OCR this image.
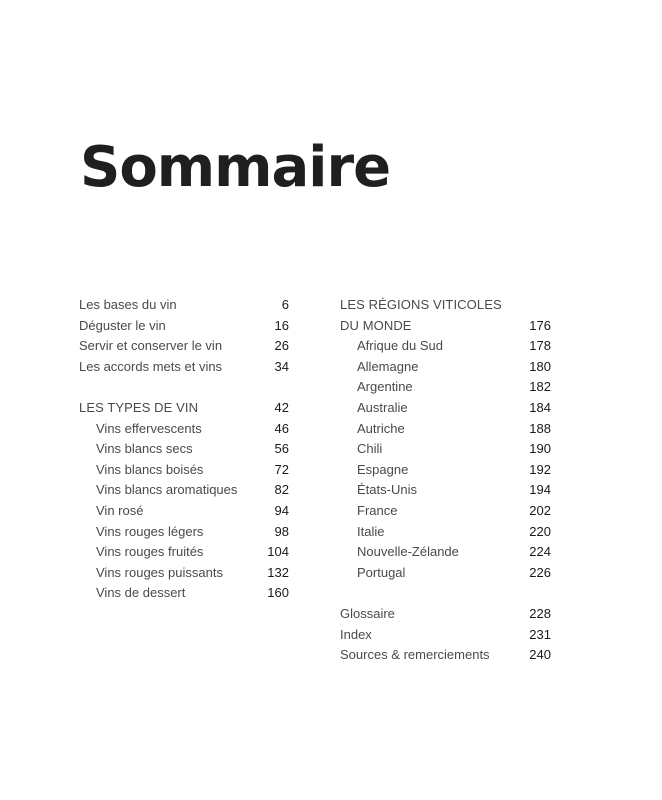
Sommaire
Les bases du vin	6
Déguster le vin	16
Servir et conserver le vin	26
Les accords mets et vins	34
LES TYPES DE VIN	42
Vins effervescents	46
Vins blancs secs	56
Vins blancs boisés	72
Vins blancs aromatiques	82
Vin rosé	94
Vins rouges légers	98
Vins rouges fruités	104
Vins rouges puissants	132
Vins de dessert	160
LES RÉGIONS VITICOLES
DU MONDE	176
Afrique du Sud	178
Allemagne	180
Argentine	182
Australie	184
Autriche	188
Chili	190
Espagne	192
États-Unis	194
France	202
Italie	220
Nouvelle-Zélande	224
Portugal	226
Glossaire	228
Index	231
Sources & remerciements	240
